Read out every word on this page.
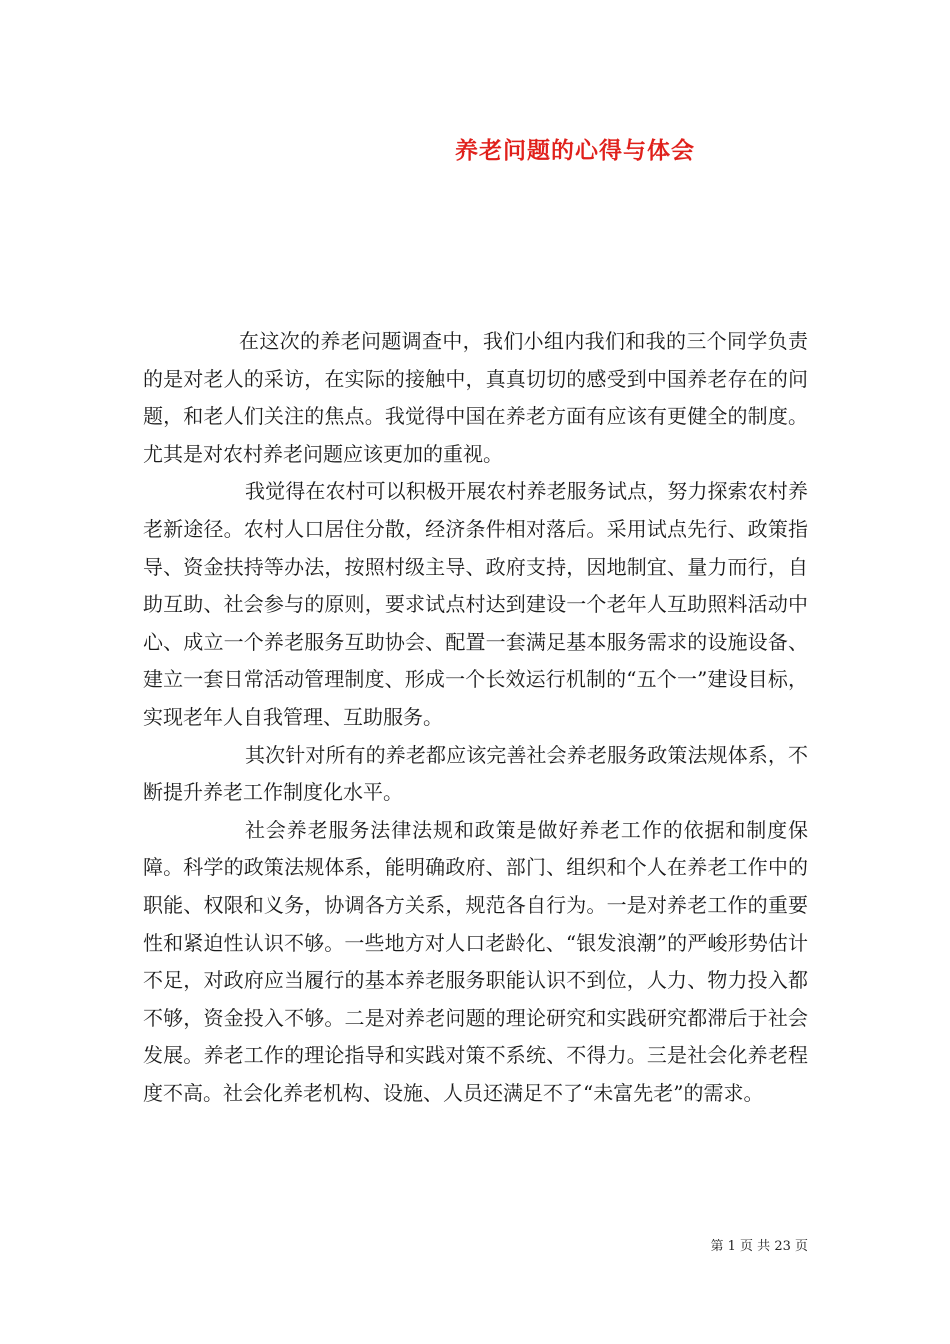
养老问题的心得与体会

在这次的养老问题调查中，我们小组内我们和我的三个同学负责的是对老人的采访，在实际的接触中，真真切切的感受到中国养老存在的问题，和老人们关注的焦点。我觉得中国在养老方面有应该有更健全的制度。尤其是对农村养老问题应该更加的重视。

我觉得在农村可以积极开展农村养老服务试点，努力探索农村养老新途径。农村人口居住分散，经济条件相对落后。采用试点先行、政策指导、资金扶持等办法，按照村级主导、政府支持，因地制宜、量力而行，自助互助、社会参与的原则，要求试点村达到建设一个老年人互助照料活动中心、成立一个养老服务互助协会、配置一套满足基本服务需求的设施设备、建立一套日常活动管理制度、形成一个长效运行机制的“五个一”建设目标，实现老年人自我管理、互助服务。

其次针对所有的养老都应该完善社会养老服务政策法规体系，不断提升养老工作制度化水平。

社会养老服务法律法规和政策是做好养老工作的依据和制度保障。科学的政策法规体系，能明确政府、部门、组织和个人在养老工作中的职能、权限和义务，协调各方关系，规范各自行为。一是对养老工作的重要性和紧迫性认识不够。一些地方对人口老龄化、“银发浪潮”的严峻形势估计不足，对政府应当履行的基本养老服务职能认识不到位，人力、物力投入都不够，资金投入不够。二是对养老问题的理论研究和实践研究都滞后于社会发展。养老工作的理论指导和实践对策不系统、不得力。三是社会化养老程度不高。社会化养老机构、设施、人员还满足不了“未富先老”的需求。

第 1 页 共 23 页
